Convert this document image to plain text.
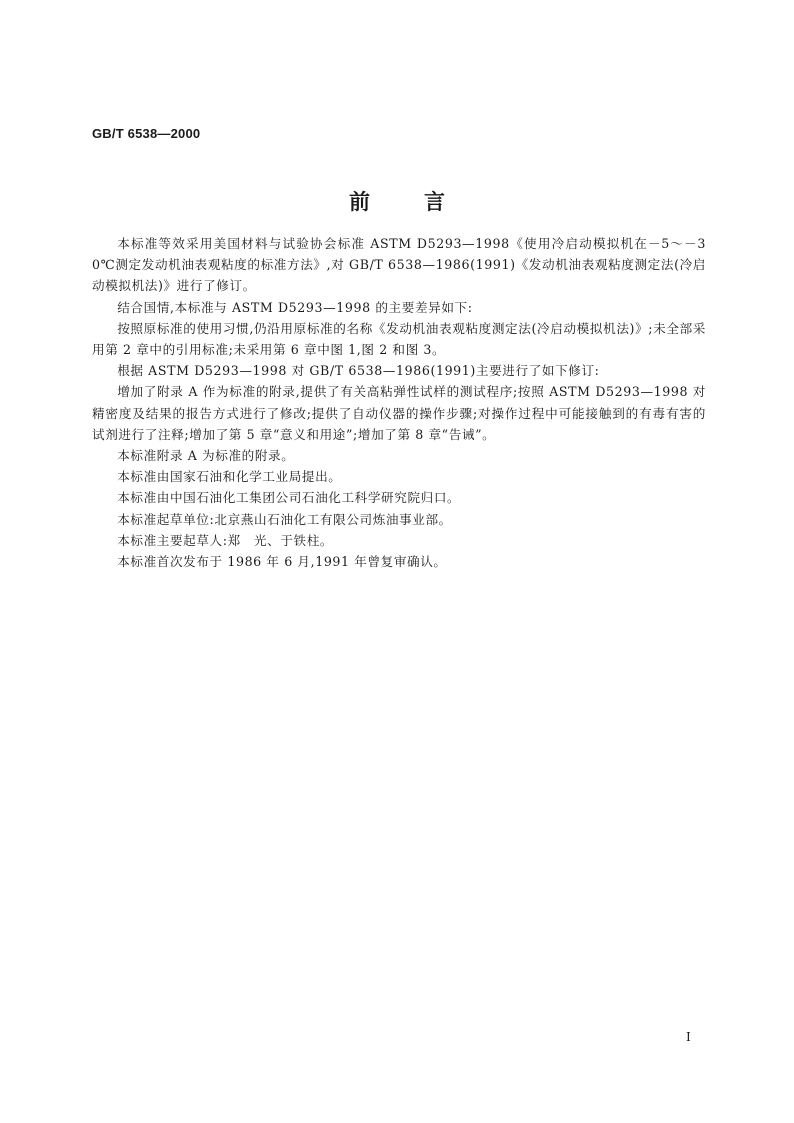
GB/T 6538—2000
前言

本标准等效采用美国材料与试验协会标准 ASTM D5293—1998《使用冷启动模拟机在－5～－30℃测定发动机油表观粘度的标准方法》,对 GB/T 6538—1986(1991)《发动机油表观粘度测定法(冷启动模拟机法)》进行了修订。

结合国情,本标准与 ASTM D5293—1998 的主要差异如下:

按照原标准的使用习惯,仍沿用原标准的名称《发动机油表观粘度测定法(冷启动模拟机法)》;未全部采用第 2 章中的引用标准;未采用第 6 章中图 1,图 2 和图 3。

根据 ASTM D5293—1998 对 GB/T 6538—1986(1991)主要进行了如下修订:

增加了附录 A 作为标准的附录,提供了有关高粘弹性试样的测试程序;按照 ASTM D5293—1998 对精密度及结果的报告方式进行了修改;提供了自动仪器的操作步骤;对操作过程中可能接触到的有毒有害的试剂进行了注释;增加了第 5 章“意义和用途”;增加了第 8 章“告诫”。

本标准附录 A 为标准的附录。

本标准由国家石油和化学工业局提出。

本标准由中国石油化工集团公司石油化工科学研究院归口。

本标准起草单位:北京燕山石油化工有限公司炼油事业部。

本标准主要起草人:郑　光、于铁柱。

本标准首次发布于 1986 年 6 月,1991 年曾复审确认。

I
